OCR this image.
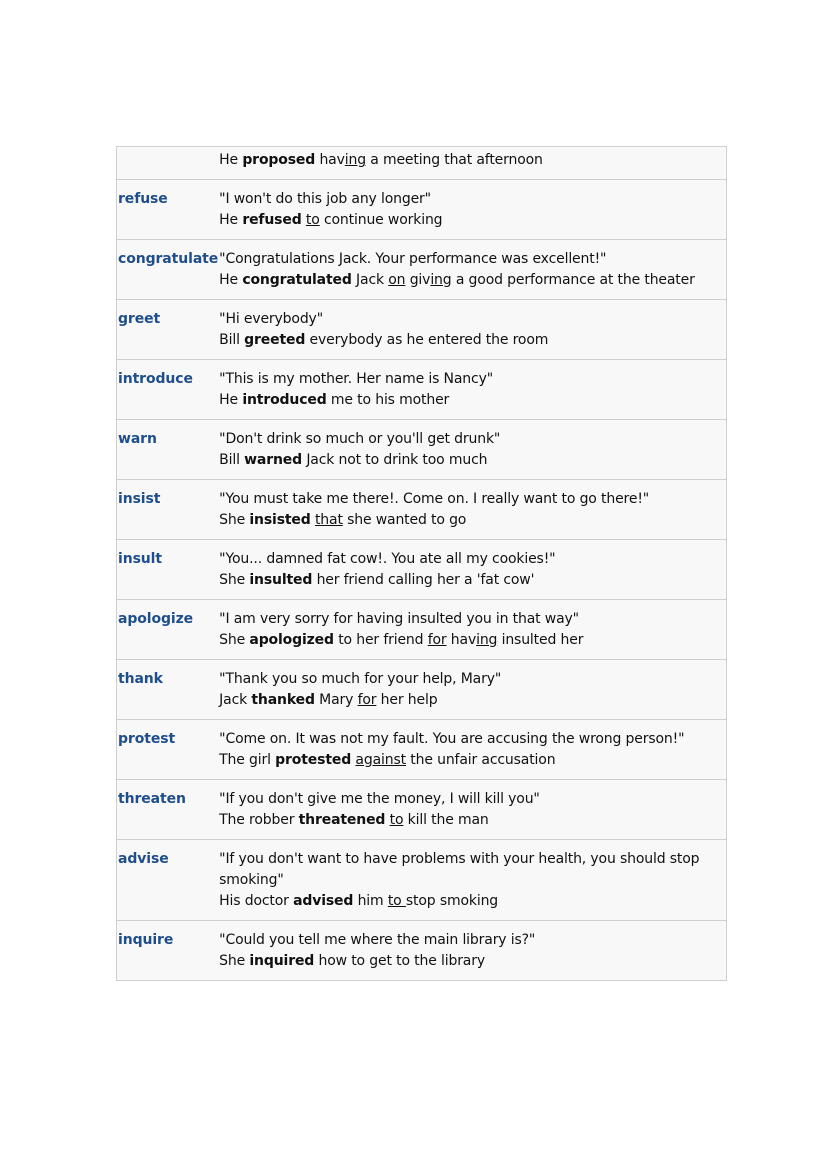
	He proposed having a meeting that afternoon

refuse	"I won't do this job any longer"
He refused to continue working

congratulate	"Congratulations Jack. Your performance was excellent!"
He congratulated Jack on giving a good performance at the theater

greet	"Hi everybody"
Bill greeted everybody as he entered the room

introduce	"This is my mother. Her name is Nancy"
He introduced me to his mother

warn	"Don't drink so much or you'll get drunk"
Bill warned Jack not to drink too much

insist	"You must take me there!. Come on. I really want to go there!"
She insisted that she wanted to go

insult	"You... damned fat cow!. You ate all my cookies!"
She insulted her friend calling her a 'fat cow'

apologize	"I am very sorry for having insulted you in that way"
She apologized to her friend for having insulted her

thank	"Thank you so much for your help, Mary"
Jack thanked Mary for her help

protest	"Come on. It was not my fault. You are accusing the wrong person!"
The girl protested against the unfair accusation

threaten	"If you don't give me the money, I will kill you"
The robber threatened to kill the man

advise	"If you don't want to have problems with your health, you should stop smoking"
His doctor advised him to stop smoking

inquire	"Could you tell me where the main library is?"
She inquired how to get to the library
